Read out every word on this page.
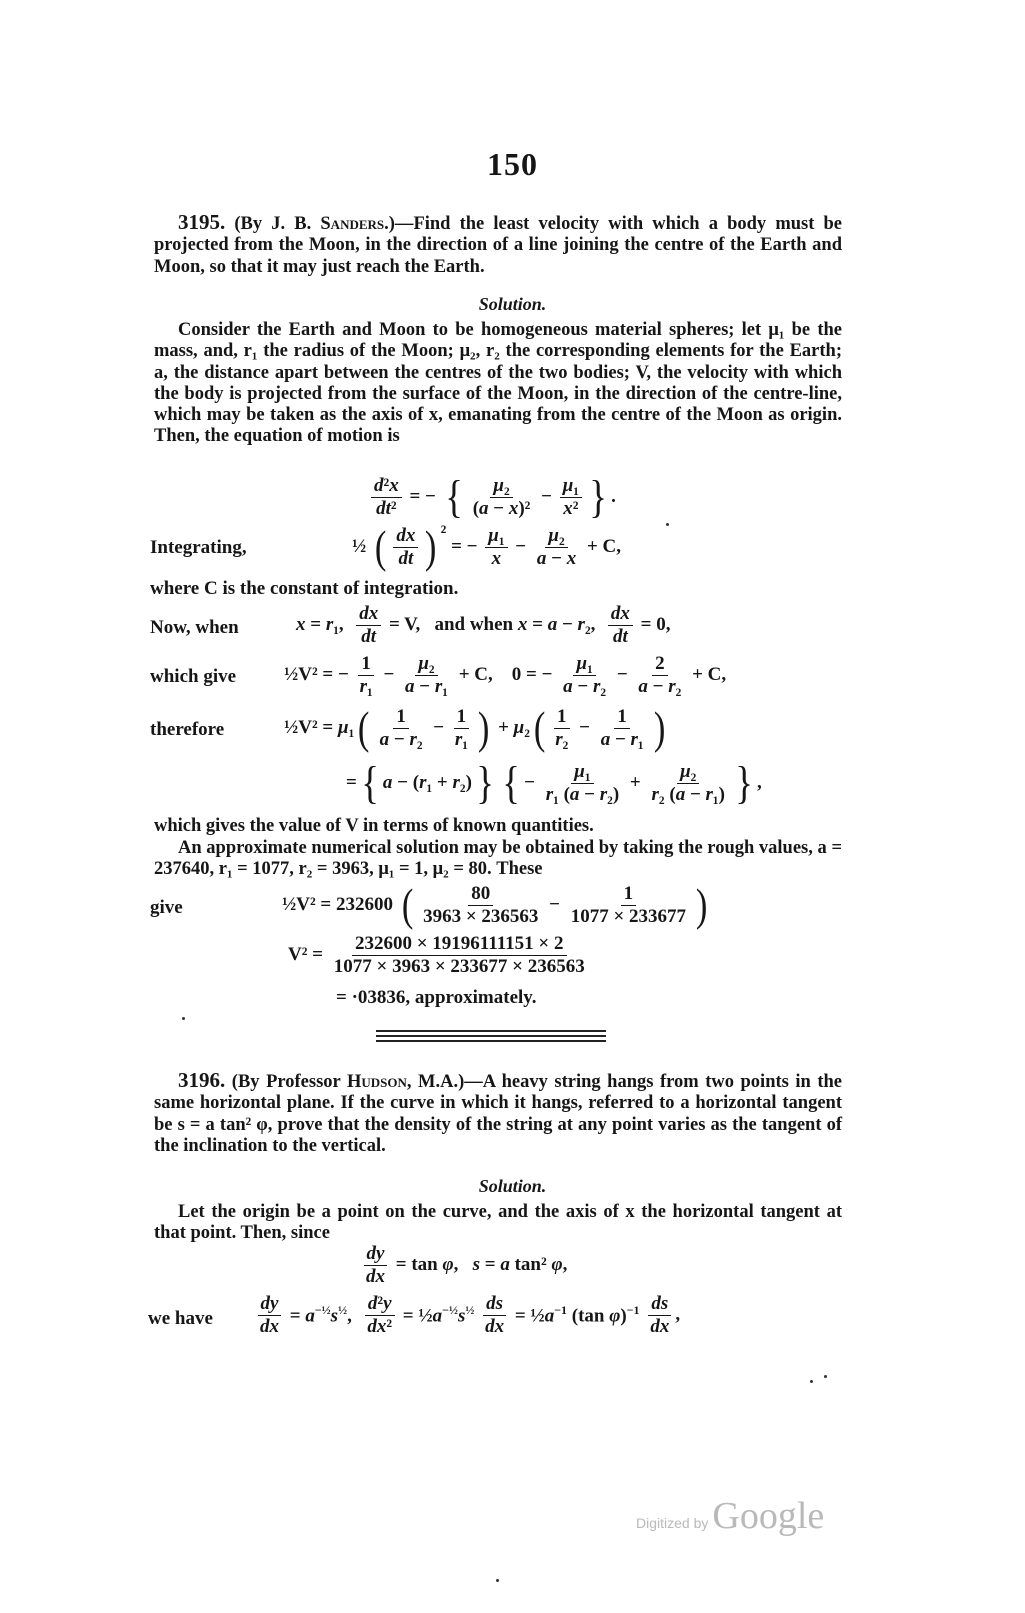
150
3195. (By J. B. Sanders.)—Find the least velocity with which a body must be projected from the Moon, in the direction of a line joining the centre of the Earth and Moon, so that it may just reach the Earth.
Solution.
Consider the Earth and Moon to be homogeneous material spheres; let μ₁ be the mass, and, r₁ the radius of the Moon; μ₂, r₂ the corresponding elements for the Earth; a, the distance apart between the centres of the two bodies; V, the velocity with which the body is projected from the surface of the Moon, in the direction of the centre-line, which may be taken as the axis of x, emanating from the centre of the Moon as origin. Then, the equation of motion is
$\frac{\text{d²x}}{\text{dt²}}$ = − { $\frac{\text{μ₂}}{\text{(a − x)²}} - \frac{\text{μ₁}}{\text{x²}}$ } .
Integrating,	½ ( $\frac{dx}{dt}$ ) ²
= − $\frac{\text{μ₁}}{x} - \frac{\text{μ₂}}{a - x} + C$,
where C is the constant of integration.
Now, when	x = r₁, $\frac{dx}{dt} = V$,   and when x = a − r₂, $\frac{dx}{dt} = 0$,
which give	½V² = − $\frac{1}{\text{r₁}} - \frac{\text{μ₂}}{\text{a − r₁}} + C$,    0 = − $\frac{\text{μ₁}}{\text{a − r₂}} - \frac{2}{\text{a − r₂}} + C$,
therefore	½V² = μ₁ ( $\frac{1}{\text{a − r₂}} - \frac{1}{\text{r₁}}$ ) + μ₂ ( $\frac{1}{\text{r₂}} - \frac{1}{\text{a − r₁}}$ )
= { a − (r₁ + r₂) } { − $\frac{\text{μ₁}}{\text{r₁ (a − r₂)}} + \frac{\text{μ₂}}{\text{r₂ (a − r₁)}}$ } ,
which gives the value of V in terms of known quantities.
An approximate numerical solution may be obtained by taking the rough values, a = 237640, r₁ = 1077, r₂ = 3963, μ₁ = 1, μ₂ = 80. These
give	½V² = 232600 ( $\frac{80}{3963 \times 236563} - \frac{1}{1077 \times 233677}$ )
$V^2 = \frac{232600 \times 19196111151 \times 2}{1077 \times 3963 \times 233677 \times 236563}$
= ·03836, approximately.
3196. (By Professor Hudson, M.A.)—A heavy string hangs from two points in the same horizontal plane. If the curve in which it hangs, referred to a horizontal tangent be s = a tan² φ, prove that the density of the string at any point varies as the tangent of the inclination to the vertical.
Solution.
Let the origin be a point on the curve, and the axis of x the horizontal tangent at that point. Then, since
$\frac{dy}{dx} = \tan \varphi$,   s = a tan² φ,
we have $\frac{dy}{dx} = a^{-\frac{1}{2}}s^{\frac{1}{2}}$, $\frac{\text{d²y}}{\text{dx²}}$ = $\frac{1}{2}a^{-\frac{1}{2}}s^{\frac{1}{2}} \frac{ds}{dx}$ = $\frac{1}{2}a^{-1}$ (tan $\varphi)^{-1} \frac{ds}{dx}$ ,
Digitized by Google
